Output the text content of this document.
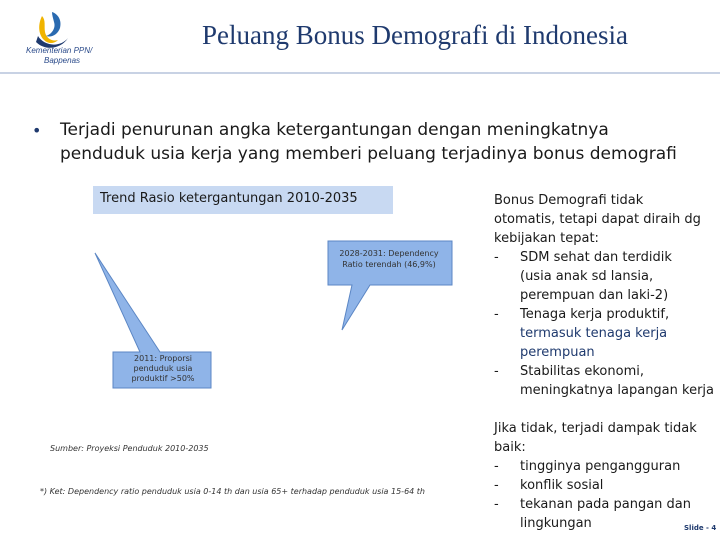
Kementerian PPN/
Bappenas
Peluang Bonus Demografi di Indonesia
• Terjadi penurunan angka ketergantungan dengan meningkatnya
penduduk usia kerja yang memberi peluang terjadinya bonus demografi
Trend Rasio ketergantungan 2010-2035
2028-2031: Dependency
Ratio terendah (46,9%)
2011: Proporsi
penduduk usia
produktif >50%
Sumber: Proyeksi Penduduk 2010-2035
*) Ket: Dependency ratio penduduk usia 0-14 th dan usia 65+ terhadap penduduk usia 15-64 th
Bonus Demografi tidak
otomatis, tetapi dapat diraih dg
kebijakan tepat:
-	SDM sehat dan terdidik
(usia anak sd lansia,
perempuan dan laki-2)
-	Tenaga kerja produktif,
termasuk tenaga kerja
perempuan
-	Stabilitas ekonomi,
meningkatnya lapangan kerja
Jika tidak, terjadi dampak tidak
baik:
-	tingginya pengangguran
-	konflik sosial
-	tekanan pada pangan dan
lingkungan	Slide - 4
